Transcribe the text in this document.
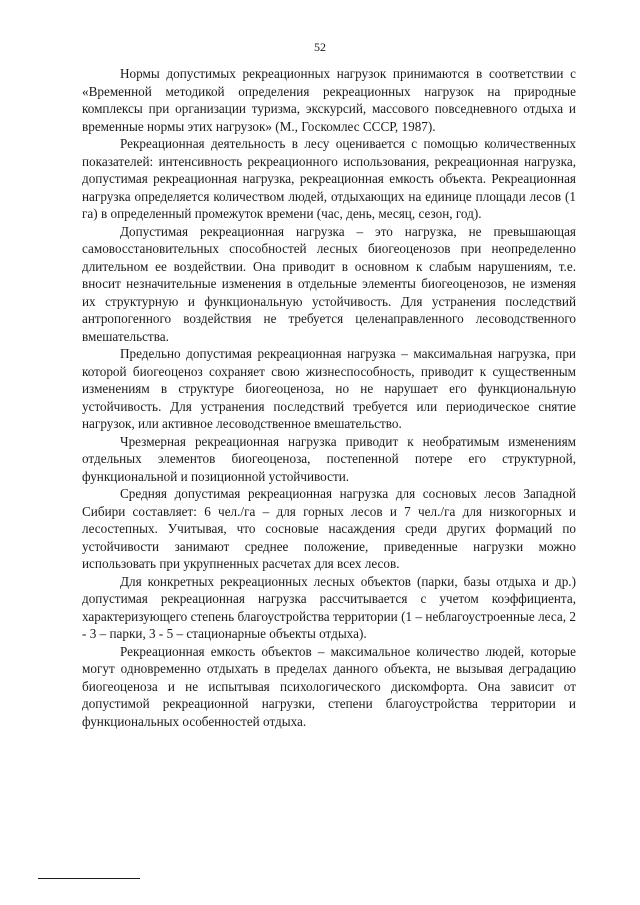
52

Нормы допустимых рекреационных нагрузок принимаются в соответствии с «Временной методикой определения рекреационных нагрузок на природные комплексы при организации туризма, экскурсий, массового повседневного отдыха и временные нормы этих нагрузок» (М., Госкомлес СССР, 1987).

Рекреационная деятельность в лесу оценивается с помощью количественных показателей: интенсивность рекреационного использования, рекреационная нагрузка, допустимая рекреационная нагрузка, рекреационная емкость объекта. Рекреационная нагрузка определяется количеством людей, отдыхающих на единице площади лесов (1 га) в определенный промежуток времени (час, день, месяц, сезон, год).

Допустимая рекреационная нагрузка – это нагрузка, не превышающая самовосстановительных способностей лесных биогеоценозов при неопределенно длительном ее воздействии. Она приводит в основном к слабым нарушениям, т.е. вносит незначительные изменения в отдельные элементы биогеоценозов, не изменяя их структурную и функциональную устойчивость. Для устранения последствий антропогенного воздействия не требуется целенаправленного лесоводственного вмешательства.

Предельно допустимая рекреационная нагрузка – максимальная нагрузка, при которой биогеоценоз сохраняет свою жизнеспособность, приводит к существенным изменениям в структуре биогеоценоза, но не нарушает его функциональную устойчивость. Для устранения последствий требуется или периодическое снятие нагрузок, или активное лесоводственное вмешательство.

Чрезмерная рекреационная нагрузка приводит к необратимым изменениям отдельных элементов биогеоценоза, постепенной потере его структурной, функциональной и позиционной устойчивости.

Средняя допустимая рекреационная нагрузка для сосновых лесов Западной Сибири составляет: 6 чел./га – для горных лесов и 7 чел./га для низкогорных и лесостепных. Учитывая, что сосновые насаждения среди других формаций по устойчивости занимают среднее положение, приведенные нагрузки можно использовать при укрупненных расчетах для всех лесов.

Для конкретных рекреационных лесных объектов (парки, базы отдыха и др.) допустимая рекреационная нагрузка рассчитывается с учетом коэффициента, характеризующего степень благоустройства территории (1 – неблагоустроенные леса, 2 - 3 – парки, 3 - 5 – стационарные объекты отдыха).

Рекреационная емкость объектов – максимальное количество людей, которые могут одновременно отдыхать в пределах данного объекта, не вызывая деградацию биогеоценоза и не испытывая психологического дискомфорта. Она зависит от допустимой рекреационной нагрузки, степени благоустройства территории и функциональных особенностей отдыха.
